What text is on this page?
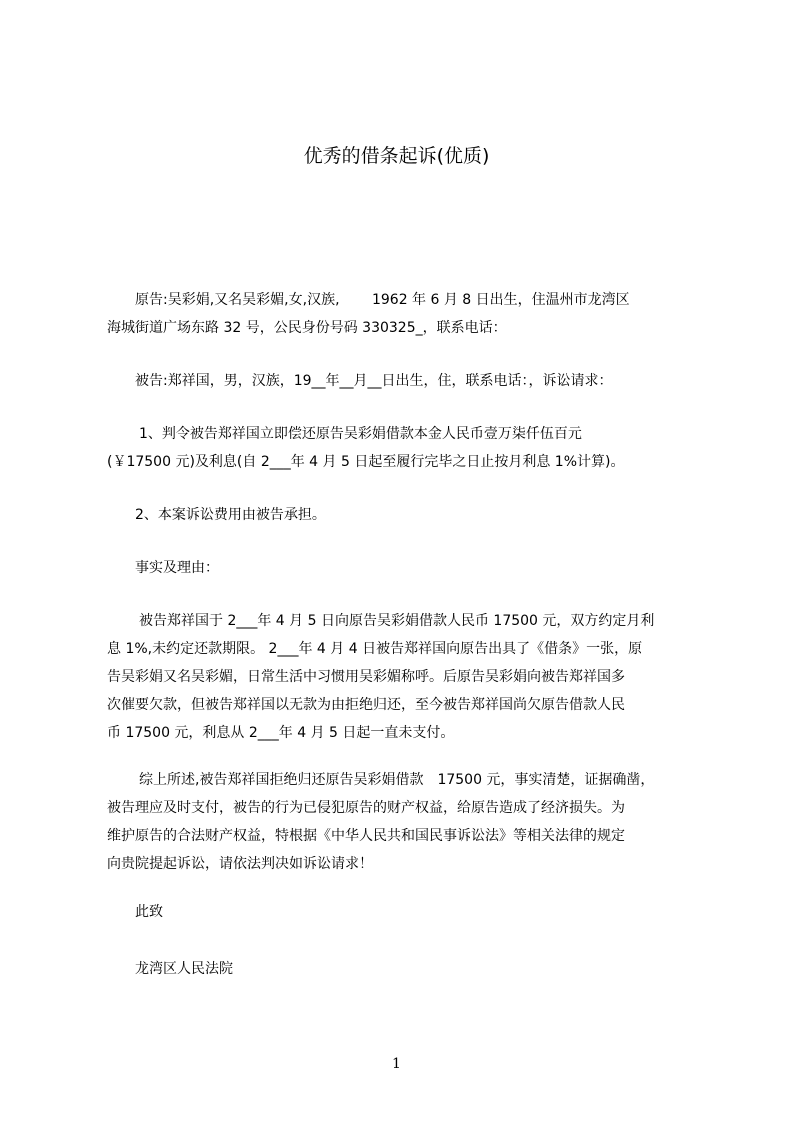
优秀的借条起诉(优质)
原告:吴彩娟,又名吴彩媚,女,汉族,　　 1962 年 6 月 8 日出生，住温州市龙湾区
海城街道广场东路 32 号，公民身份号码 330325_，联系电话：
被告:郑祥国，男，汉族，19__年__月__日出生，住，联系电话：，诉讼请求：
1、判令被告郑祥国立即偿还原告吴彩娟借款本金人民币壹万柒仟伍百元
(￥17500 元)及利息(自 2___年 4 月 5 日起至履行完毕之日止按月利息 1%计算)。
2、本案诉讼费用由被告承担。
事实及理由：
被告郑祥国于 2___年 4 月 5 日向原告吴彩娟借款人民币 17500 元，双方约定月利
息 1%,未约定还款期限。 2___年 4 月 4 日被告郑祥国向原告出具了《借条》一张，原
告吴彩娟又名吴彩媚，日常生活中习惯用吴彩媚称呼。后原告吴彩娟向被告郑祥国多
次催要欠款，但被告郑祥国以无款为由拒绝归还，至今被告郑祥国尚欠原告借款人民
币 17500 元，利息从 2___年 4 月 5 日起一直未支付。
综上所述,被告郑祥国拒绝归还原告吴彩娟借款　17500 元，事实清楚，证据确凿，
被告理应及时支付，被告的行为已侵犯原告的财产权益，给原告造成了经济损失。为
维护原告的合法财产权益，特根据《中华人民共和国民事诉讼法》等相关法律的规定
向贵院提起诉讼，请依法判决如诉讼请求！
此致
龙湾区人民法院
1
